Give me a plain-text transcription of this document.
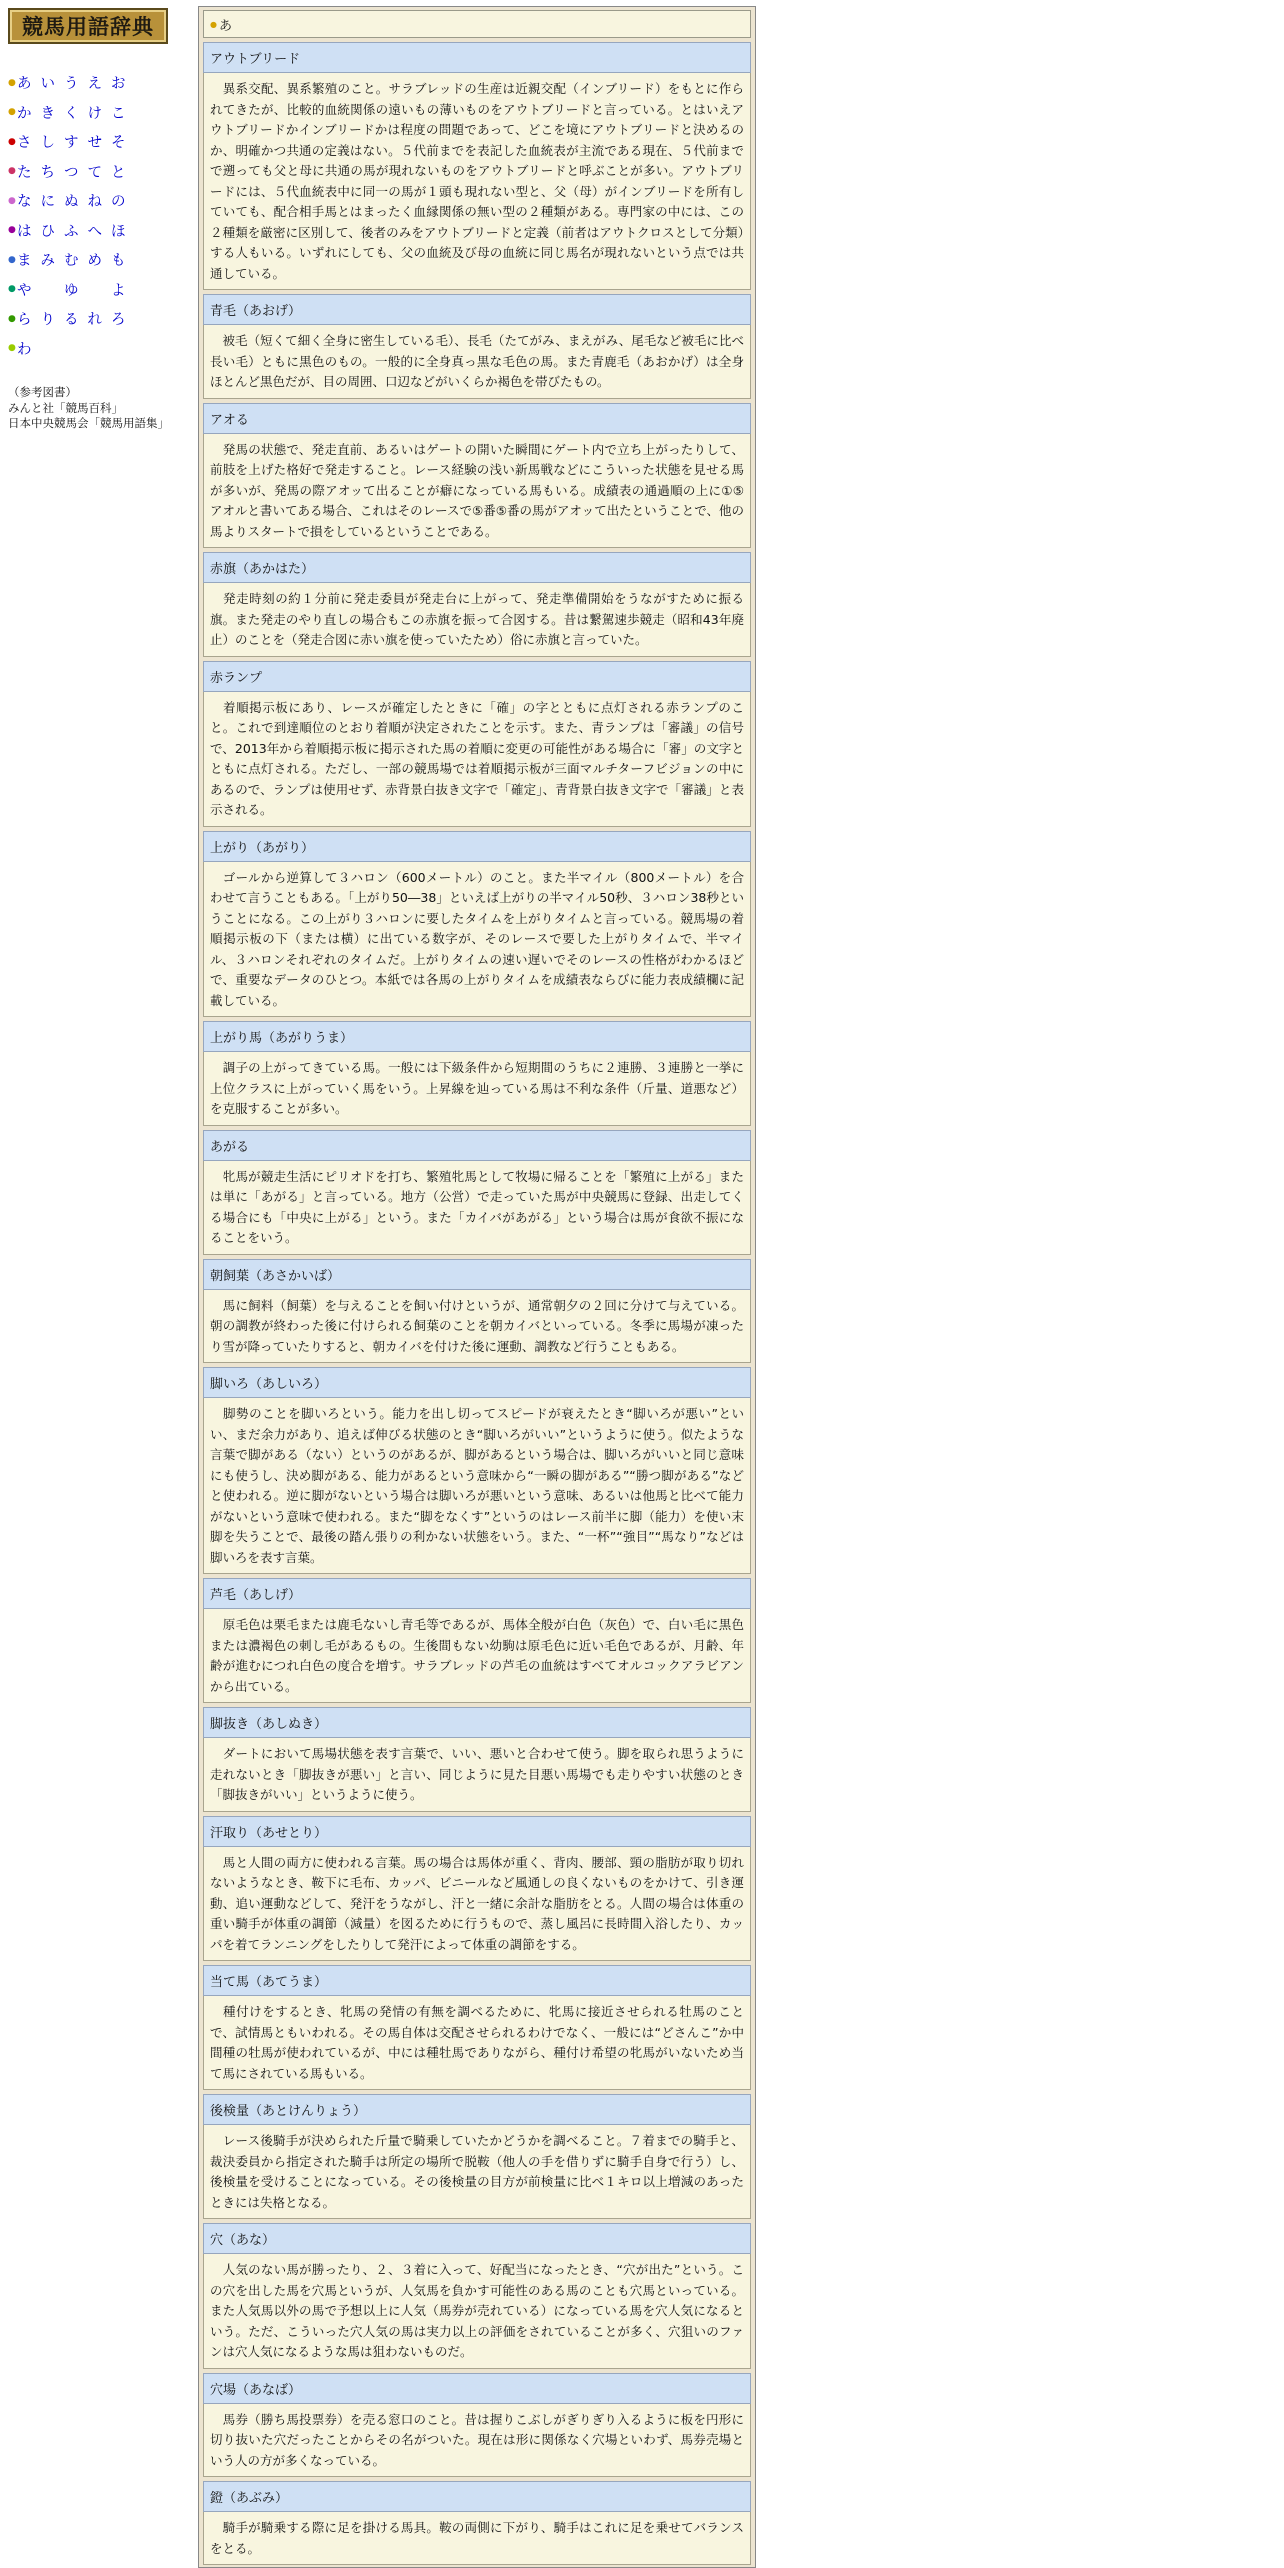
競馬用語辞典
● あ い う え お
● か き く け こ
● さ し す せ そ
● た ち つ て と
● な に ぬ ね の
● は ひ ふ へ ほ
● ま み む め も
● や ゆ よ
● ら り る れ ろ
● わ
（参考図書）
みんと社「競馬百科」
日本中央競馬会「競馬用語集」
● あ
アウトブリード
　異系交配、異系繁殖のこと。サラブレッドの生産は近親交配（インブリード）をもとに作られてきたが、比較的血統関係の遠いもの薄いものをアウトブリードと言っている。とはいえアウトブリードかインブリードかは程度の問題であって、どこを境にアウトブリードと決めるのか、明確かつ共通の定義はない。５代前までを表記した血統表が主流である現在、５代前までで遡っても父と母に共通の馬が現れないものをアウトブリードと呼ぶことが多い。アウトブリードには、５代血統表中に同一の馬が１頭も現れない型と、父（母）がインブリードを所有していても、配合相手馬とはまったく血縁関係の無い型の２種類がある。専門家の中には、この２種類を厳密に区別して、後者のみをアウトブリードと定義（前者はアウトクロスとして分類）する人もいる。いずれにしても、父の血統及び母の血統に同じ馬名が現れないという点では共通している。
青毛（あおげ）
　被毛（短くて細く全身に密生している毛）、長毛（たてがみ、まえがみ、尾毛など被毛に比べ長い毛）ともに黒色のもの。一般的に全身真っ黒な毛色の馬。また青鹿毛（あおかげ）は全身ほとんど黒色だが、目の周囲、口辺などがいくらか褐色を帯びたもの。
アオる
　発馬の状態で、発走直前、あるいはゲートの開いた瞬間にゲート内で立ち上がったりして、前肢を上げた格好で発走すること。レース経験の浅い新馬戦などにこういった状態を見せる馬が多いが、発馬の際アオッて出ることが癖になっている馬もいる。成績表の通過順の上に①⑤アオルと書いてある場合、これはそのレースで⑤番⑤番の馬がアオッて出たということで、他の馬よりスタートで損をしているということである。
赤旗（あかはた）
　発走時刻の約１分前に発走委員が発走台に上がって、発走準備開始をうながすために振る旗。また発走のやり直しの場合もこの赤旗を振って合図する。昔は繋駕速歩競走（昭和43年廃止）のことを（発走合図に赤い旗を使っていたため）俗に赤旗と言っていた。
赤ランプ
　着順掲示板にあり、レースが確定したときに「確」の字とともに点灯される赤ランプのこと。これで到達順位のとおり着順が決定されたことを示す。また、青ランプは「審議」の信号で、2013年から着順掲示板に掲示された馬の着順に変更の可能性がある場合に「審」の文字とともに点灯される。ただし、一部の競馬場では着順掲示板が三面マルチターフビジョンの中にあるので、ランプは使用せず、赤背景白抜き文字で「確定」、青背景白抜き文字で「審議」と表示される。
上がり（あがり）
　ゴールから逆算して３ハロン（600メートル）のこと。また半マイル（800メートル）を合わせて言うこともある。「上がり50―38」といえば上がりの半マイル50秒、３ハロン38秒ということになる。この上がり３ハロンに要したタイムを上がりタイムと言っている。競馬場の着順掲示板の下（または横）に出ている数字が、そのレースで要した上がりタイムで、半マイル、３ハロンそれぞれのタイムだ。上がりタイムの速い遅いでそのレースの性格がわかるほどで、重要なデータのひとつ。本紙では各馬の上がりタイムを成績表ならびに能力表成績欄に記載している。
上がり馬（あがりうま）
　調子の上がってきている馬。一般には下級条件から短期間のうちに２連勝、３連勝と一挙に上位クラスに上がっていく馬をいう。上昇線を辿っている馬は不利な条件（斤量、道悪など）を克服することが多い。
あがる
　牝馬が競走生活にピリオドを打ち、繁殖牝馬として牧場に帰ることを「繁殖に上がる」または単に「あがる」と言っている。地方（公営）で走っていた馬が中央競馬に登録、出走してくる場合にも「中央に上がる」という。また「カイバがあがる」という場合は馬が食欲不振になることをいう。
朝飼葉（あさかいば）
　馬に飼料（飼葉）を与えることを飼い付けというが、通常朝夕の２回に分けて与えている。朝の調教が終わった後に付けられる飼葉のことを朝カイバといっている。冬季に馬場が凍ったり雪が降っていたりすると、朝カイバを付けた後に運動、調教など行うこともある。
脚いろ（あしいろ）
　脚勢のことを脚いろという。能力を出し切ってスピードが衰えたとき“脚いろが悪い”といい、まだ余力があり、追えば伸びる状態のとき“脚いろがいい”というように使う。似たような言葉で脚がある（ない）というのがあるが、脚があるという場合は、脚いろがいいと同じ意味にも使うし、決め脚がある、能力があるという意味から“一瞬の脚がある”“勝つ脚がある”などと使われる。逆に脚がないという場合は脚いろが悪いという意味、あるいは他馬と比べて能力がないという意味で使われる。また“脚をなくす”というのはレース前半に脚（能力）を使い末脚を失うことで、最後の踏ん張りの利かない状態をいう。また、“一杯”“強目”“馬なり”などは脚いろを表す言葉。
芦毛（あしげ）
　原毛色は栗毛または鹿毛ないし青毛等であるが、馬体全般が白色（灰色）で、白い毛に黒色または濃褐色の刺し毛があるもの。生後間もない幼駒は原毛色に近い毛色であるが、月齢、年齢が進むにつれ白色の度合を増す。サラブレッドの芦毛の血統はすべてオルコックアラビアンから出ている。
脚抜き（あしぬき）
　ダートにおいて馬場状態を表す言葉で、いい、悪いと合わせて使う。脚を取られ思うように走れないとき「脚抜きが悪い」と言い、同じように見た目悪い馬場でも走りやすい状態のとき「脚抜きがいい」というように使う。
汗取り（あせとり）
　馬と人間の両方に使われる言葉。馬の場合は馬体が重く、背肉、腰部、頸の脂肪が取り切れないようなとき、鞍下に毛布、カッパ、ビニールなど風通しの良くないものをかけて、引き運動、追い運動などして、発汗をうながし、汗と一緒に余計な脂肪をとる。人間の場合は体重の重い騎手が体重の調節（減量）を図るために行うもので、蒸し風呂に長時間入浴したり、カッパを着てランニングをしたりして発汗によって体重の調節をする。
当て馬（あてうま）
　種付けをするとき、牝馬の発情の有無を調べるために、牝馬に接近させられる牡馬のことで、試情馬ともいわれる。その馬自体は交配させられるわけでなく、一般には“どさんこ”か中間種の牡馬が使われているが、中には種牡馬でありながら、種付け希望の牝馬がいないため当て馬にされている馬もいる。
後検量（あとけんりょう）
　レース後騎手が決められた斤量で騎乗していたかどうかを調べること。７着までの騎手と、裁決委員から指定された騎手は所定の場所で脱鞍（他人の手を借りずに騎手自身で行う）し、後検量を受けることになっている。その後検量の目方が前検量に比べ１キロ以上増減のあったときには失格となる。
穴（あな）
　人気のない馬が勝ったり、２、３着に入って、好配当になったとき、“穴が出た”という。この穴を出した馬を穴馬というが、人気馬を負かす可能性のある馬のことも穴馬といっている。また人気馬以外の馬で予想以上に人気（馬券が売れている）になっている馬を穴人気になるという。ただ、こういった穴人気の馬は実力以上の評価をされていることが多く、穴狙いのファンは穴人気になるような馬は狙わないものだ。
穴場（あなば）
　馬券（勝ち馬投票券）を売る窓口のこと。昔は握りこぶしがぎりぎり入るように板を円形に切り抜いた穴だったことからその名がついた。現在は形に関係なく穴場といわず、馬券売場という人の方が多くなっている。
鐙（あぶみ）
　騎手が騎乗する際に足を掛ける馬具。鞍の両側に下がり、騎手はこれに足を乗せてバランスをとる。
